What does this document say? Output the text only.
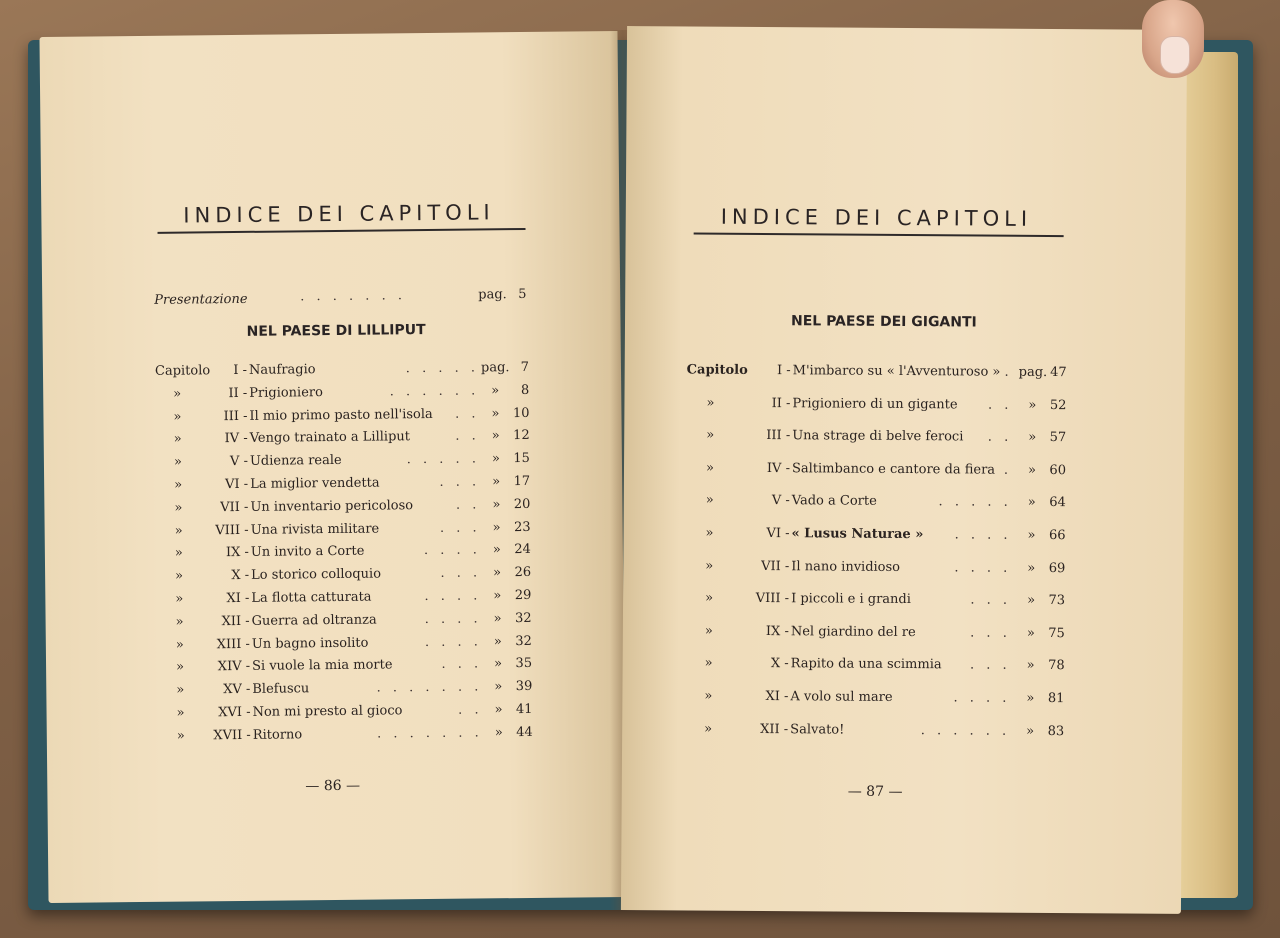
INDICE DEI CAPITOLI
Presentazione	. . . . . . .	pag. 5
NEL PAESE DI LILLIPUT
Capitolo I - Naufragio	. . . . . pag. 7
»	II - Prigioniero	. . . . . . » 8
»	III - Il mio primo pasto nell'isola . . » 10
»	IV - Vengo trainato a Lilliput	. . » 12
»	V - Udienza reale	. . . . . » 15
»	VI - La miglior vendetta	. . . » 17
»	VII - Un inventario pericoloso	. . » 20
»	VIII - Una rivista militare	. . . » 23
»	IX - Un invito a Corte	. . . . » 24
»	X - Lo storico colloquio	. . . » 26
»	XI - La flotta catturata	. . . . » 29
»	XII - Guerra ad oltranza	. . . . » 32
»	XIII - Un bagno insolito	. . . . » 32
»	XIV - Si vuole la mia morte	. . . » 35
»	XV - Blefuscu	. . . . . . . » 39
»	XVI - Non mi presto al gioco	. . » 41
» XVII - Ritorno	. . . . . . . » 44
— 86 —
INDICE DEI CAPITOLI
NEL PAESE DEI GIGANTI
Capitolo I - M'imbarco su « l'Avventuroso » . pag. 47
»	II - Prigioniero di un gigante . . » 52
»	III - Una strage di belve feroci . . » 57
»	IV - Saltimbanco e cantore da fiera . » 60
»	V - Vado a Corte	. . . . . » 64
»	VI - « Lusus Naturae » . . . . » 66
»	VII - Il nano invidioso	. . . . » 69
»	VIII - I piccoli e i grandi	. . . » 73
»	IX - Nel giardino del re	. . . » 75
»	X - Rapito da una scimmia . . . » 78
»	XI - A volo sul mare	. . . . » 81
»	XII - Salvato!	. . . . . . » 83
— 87 —
